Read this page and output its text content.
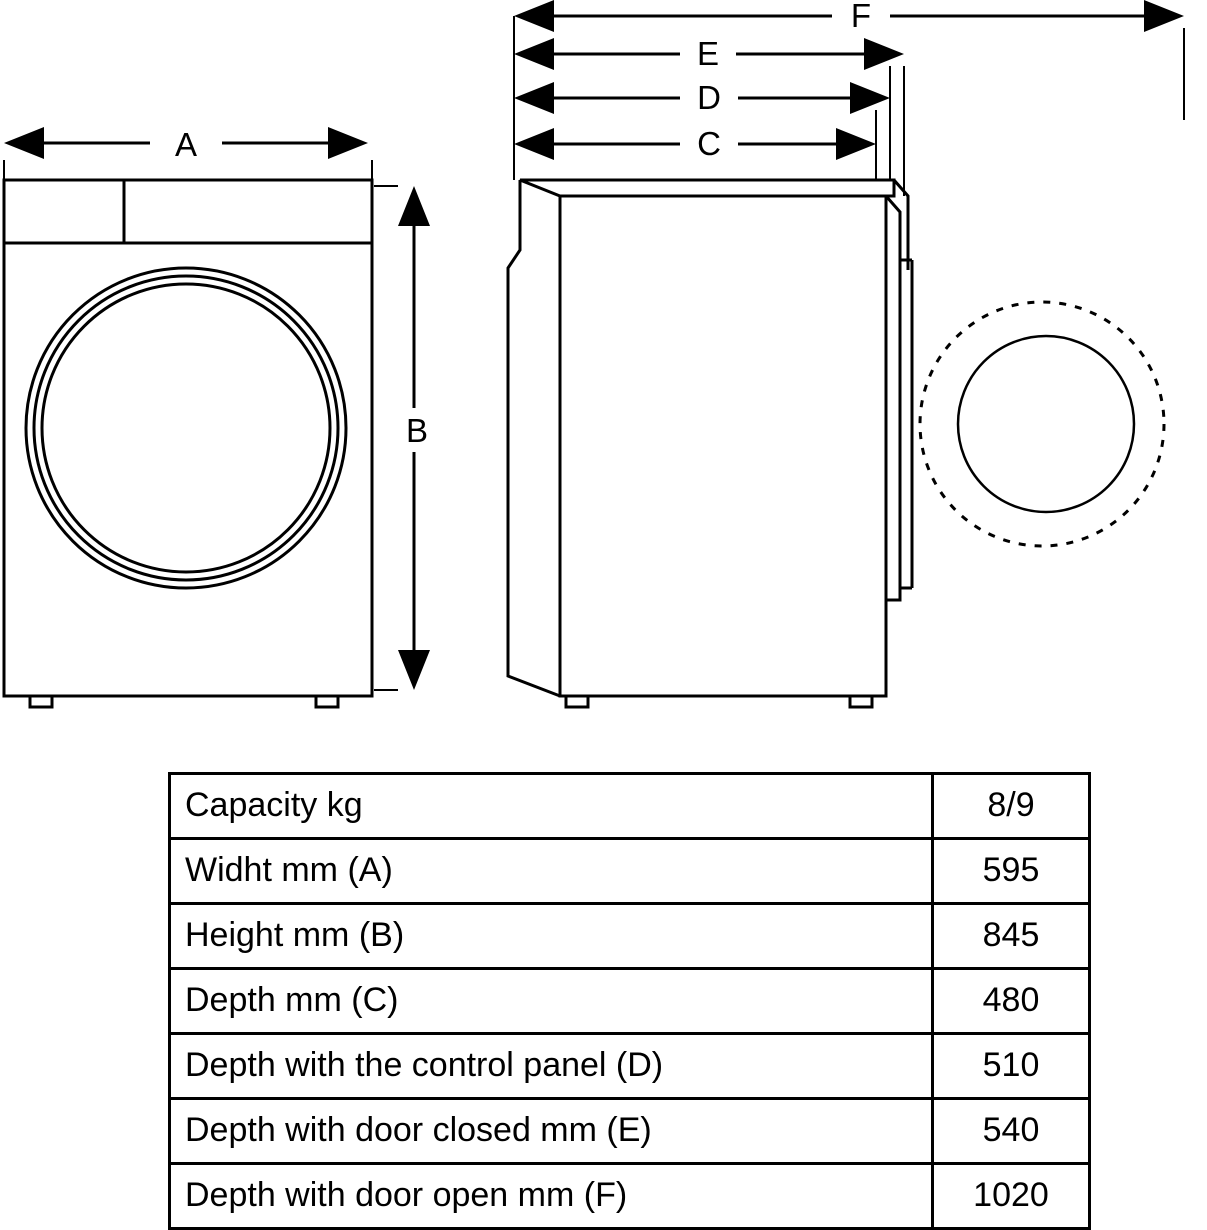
A
B
F
E
D
C
Capacity kg	8/9
Widht mm (A)	595
Height mm (B)	845
Depth mm (C)	480
Depth with the control panel (D)	510
Depth with door closed mm (E)	540
Depth with door open mm (F)	1020
